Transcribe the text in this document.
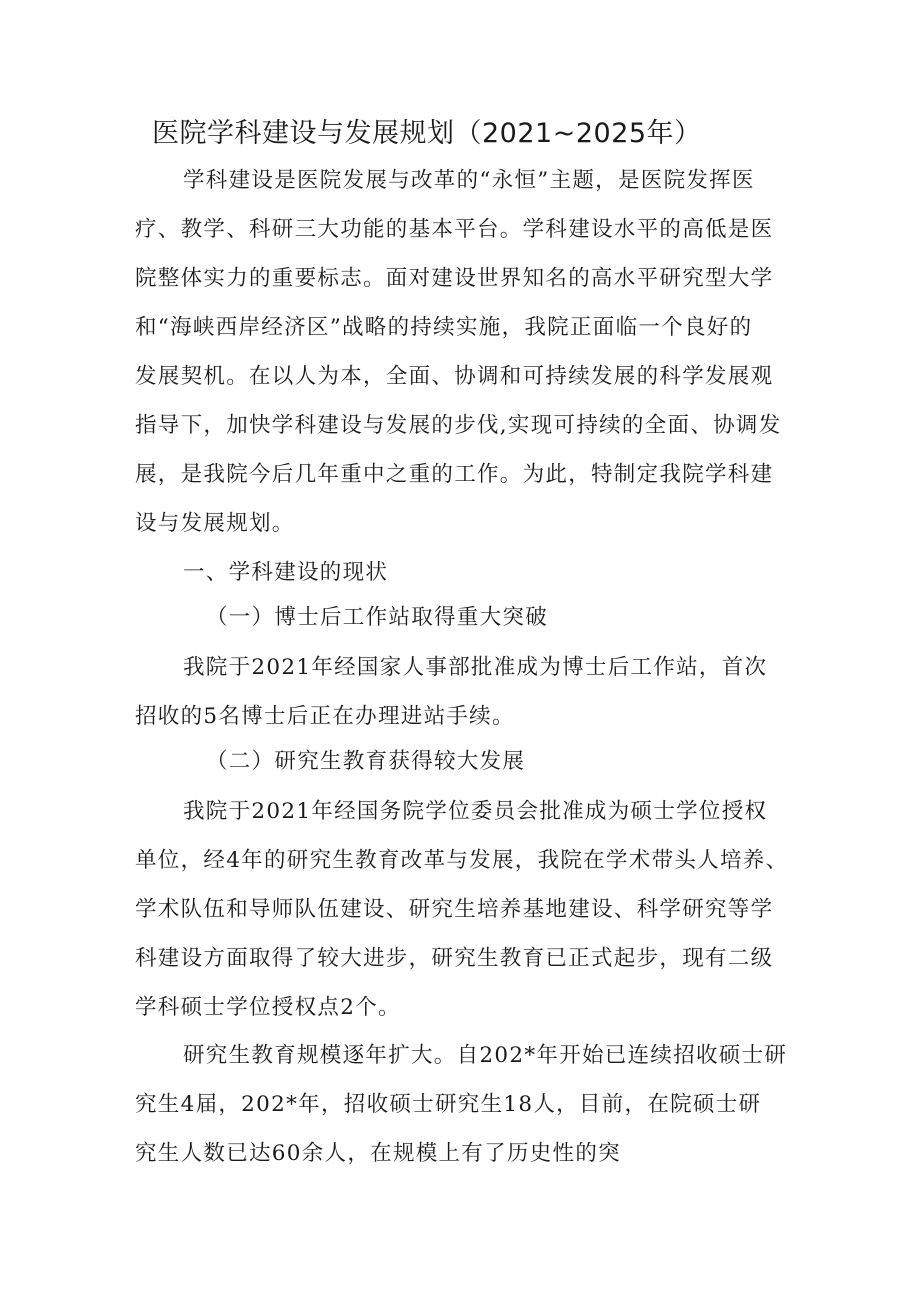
医院学科建设与发展规划（2021~2025年）
学科建设是医院发展与改革的“永恒”主题，是医院发挥医
疗、教学、科研三大功能的基本平台。学科建设水平的高低是医
院整体实力的重要标志。面对建设世界知名的高水平研究型大学
和“海峡西岸经济区”战略的持续实施，我院正面临一个良好的
发展契机。在以人为本，全面、协调和可持续发展的科学发展观
指导下，加快学科建设与发展的步伐,实现可持续的全面、协调发
展，是我院今后几年重中之重的工作。为此，特制定我院学科建
设与发展规划。
一、学科建设的现状
（一）博士后工作站取得重大突破
我院于2021年经国家人事部批准成为博士后工作站，首次
招收的5名博士后正在办理进站手续。
（二）研究生教育获得较大发展
我院于2021年经国务院学位委员会批准成为硕士学位授权
单位，经4年的研究生教育改革与发展，我院在学术带头人培养、
学术队伍和导师队伍建设、研究生培养基地建设、科学研究等学
科建设方面取得了较大进步，研究生教育已正式起步，现有二级
学科硕士学位授权点2个。
研究生教育规模逐年扩大。自202*年开始已连续招收硕士研
究生4届，202*年，招收硕士研究生18人，目前，在院硕士研
究生人数已达60余人，在规模上有了历史性的突
